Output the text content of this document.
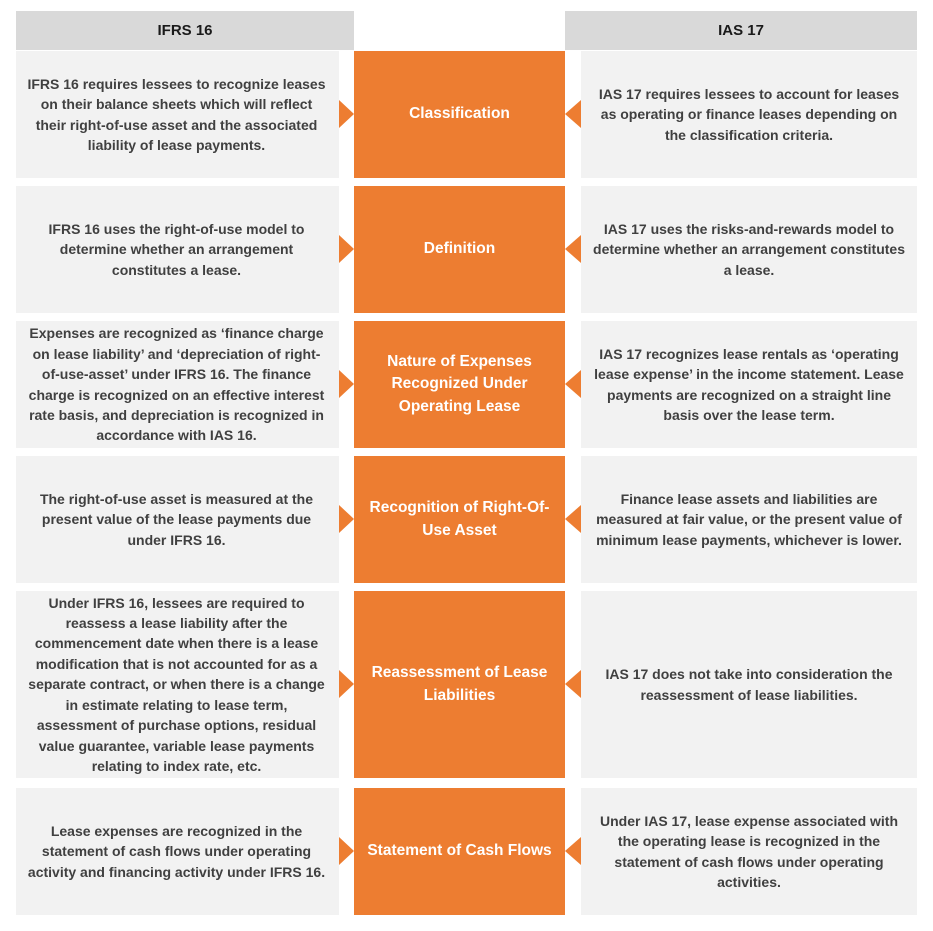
IFRS 16	IAS 17
IFRS 16 requires lessees to recognize leases on their balance sheets which will reflect their right-of-use asset and the associated liability of lease payments.
Classification
IAS 17 requires lessees to account for leases as operating or finance leases depending on the classification criteria.
IFRS 16 uses the right-of-use model to determine whether an arrangement constitutes a lease.
Definition
IAS 17 uses the risks-and-rewards model to determine whether an arrangement constitutes a lease.
Expenses are recognized as ‘finance charge on lease liability’ and ‘depreciation of right-of-use-asset’ under IFRS 16. The finance charge is recognized on an effective interest rate basis, and depreciation is recognized in accordance with IAS 16.
Nature of Expenses Recognized Under Operating Lease
IAS 17 recognizes lease rentals as ‘operating lease expense’ in the income statement. Lease payments are recognized on a straight line basis over the lease term.
The right-of-use asset is measured at the present value of the lease payments due under IFRS 16.
Recognition of Right-Of-Use Asset
Finance lease assets and liabilities are measured at fair value, or the present value of minimum lease payments, whichever is lower.
Under IFRS 16, lessees are required to reassess a lease liability after the commencement date when there is a lease modification that is not accounted for as a separate contract, or when there is a change in estimate relating to lease term, assessment of purchase options, residual value guarantee, variable lease payments relating to index rate, etc.
Reassessment of Lease Liabilities
IAS 17 does not take into consideration the reassessment of lease liabilities.
Lease expenses are recognized in the statement of cash flows under operating activity and financing activity under IFRS 16.
Statement of Cash Flows
Under IAS 17, lease expense associated with the operating lease is recognized in the statement of cash flows under operating activities.
